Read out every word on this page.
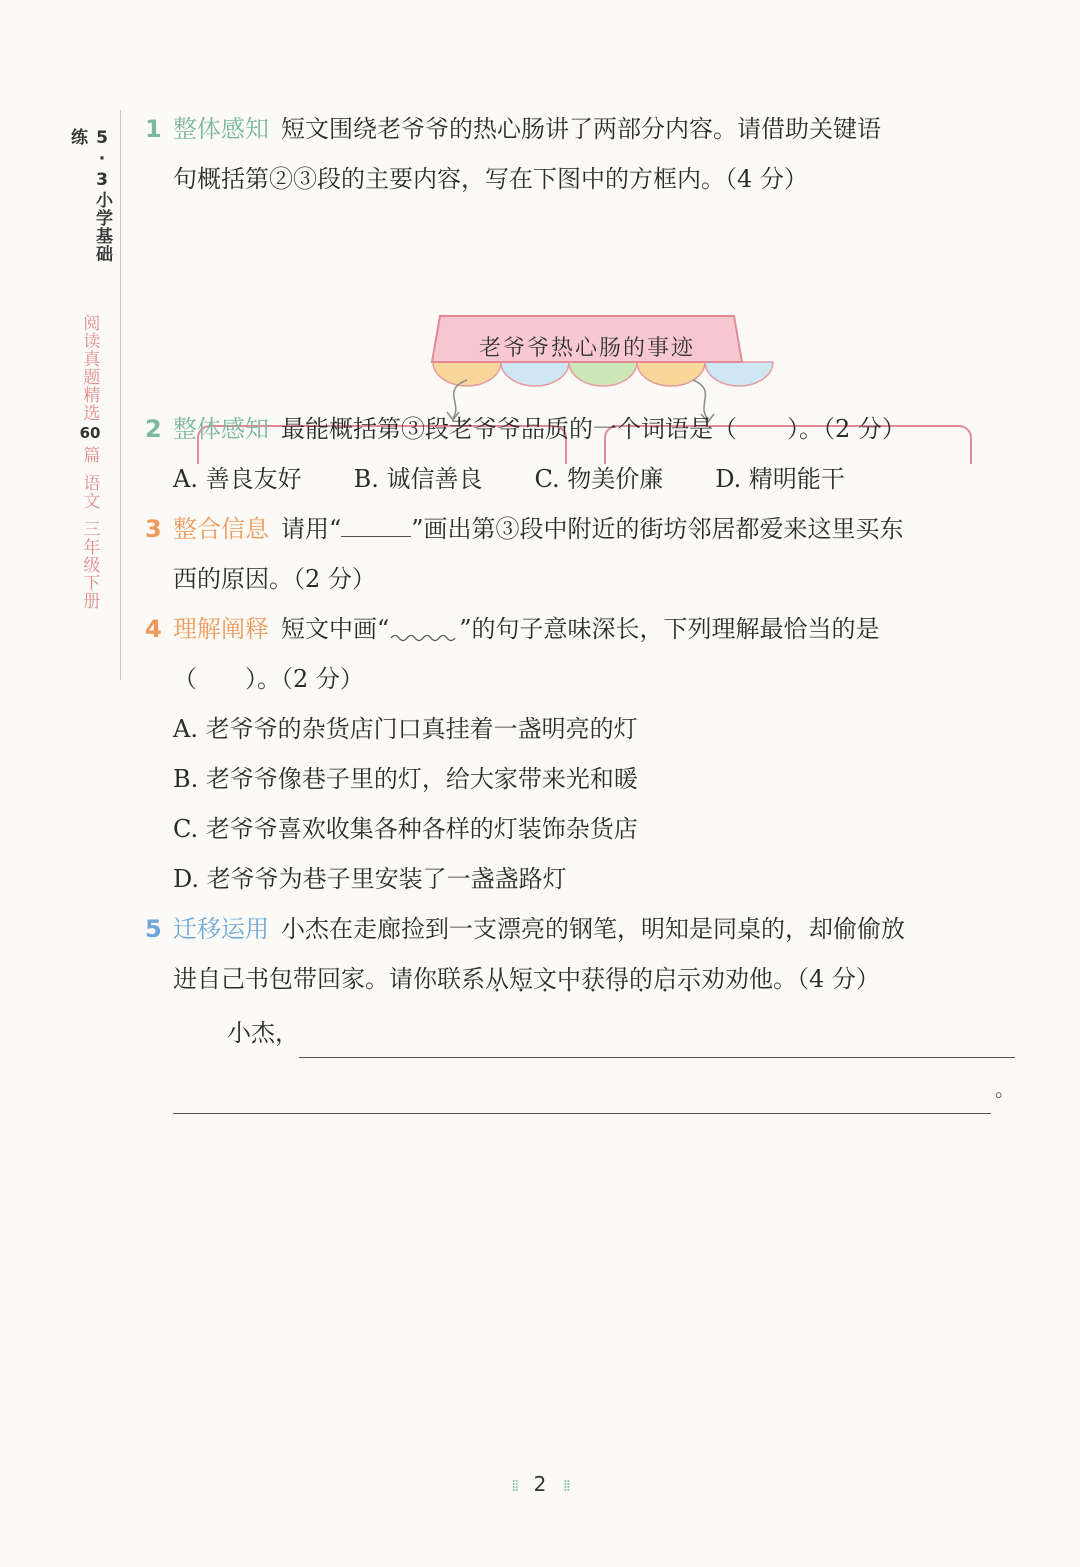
5·3小学基础练
阅读真题精选
60
篇
语文
三年级下册
1 整体感知 短文围绕老爷爷的热心肠讲了两部分内容。请借助关键语
句概括第②③段的主要内容，写在下图中的方框内。（4 分）
老爷爷热心肠的事迹
2 整体感知 最能概括第③段老爷爷品质的一个词语是（ ）。（2 分）
A. 善良友好 B. 诚信善良 C. 物美价廉 D. 精明能干
3 整合信息 请用“	”画出第③段中附近的街坊邻居都爱来这里买东
西的原因。（2 分）
4 理解阐释 短文中画“	”的句子意味深长，下列理解最恰当的是
（　　）。（2 分）
A. 老爷爷的杂货店门口真挂着一盏明亮的灯
B. 老爷爷像巷子里的灯，给大家带来光和暖
C. 老爷爷喜欢收集各种各样的灯装饰杂货店
D. 老爷爷为巷子里安装了一盏盏路灯
5 迁移运用 小杰在走廊捡到一支漂亮的钢笔，明知是同桌的，却偷偷放
进自己书包带回家。请你联系从短文中获得的启示劝劝他。（4 分）
小杰，
。
⁞⁞ 2 ⁞⁞
